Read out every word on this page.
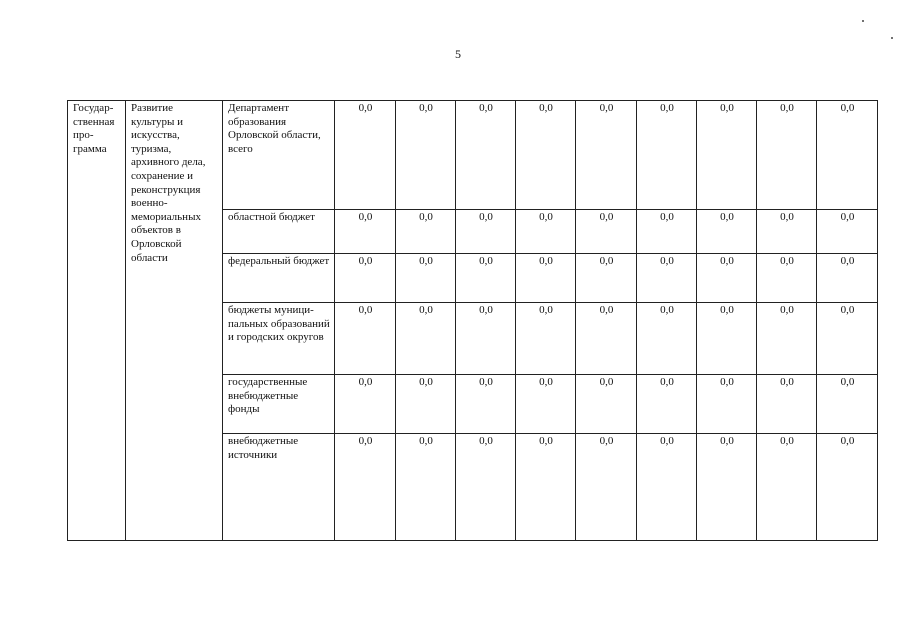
5
Государ-ственная про-грамма	Развитие культуры и искусства, туризма, архивного дела, сохранение и реконструкция военно-мемориальных объектов в Орловской области	Департамент образования Орловской области, всего	0,0	0,0	0,0	0,0	0,0	0,0	0,0	0,0	0,0
		областной бюджет	0,0	0,0	0,0	0,0	0,0	0,0	0,0	0,0	0,0
		федеральный бюджет	0,0	0,0	0,0	0,0	0,0	0,0	0,0	0,0	0,0
		бюджеты муници-пальных образований и городских округов	0,0	0,0	0,0	0,0	0,0	0,0	0,0	0,0	0,0
		государственные внебюджетные фонды	0,0	0,0	0,0	0,0	0,0	0,0	0,0	0,0	0,0
		внебюджетные источники	0,0	0,0	0,0	0,0	0,0	0,0	0,0	0,0	0,0
